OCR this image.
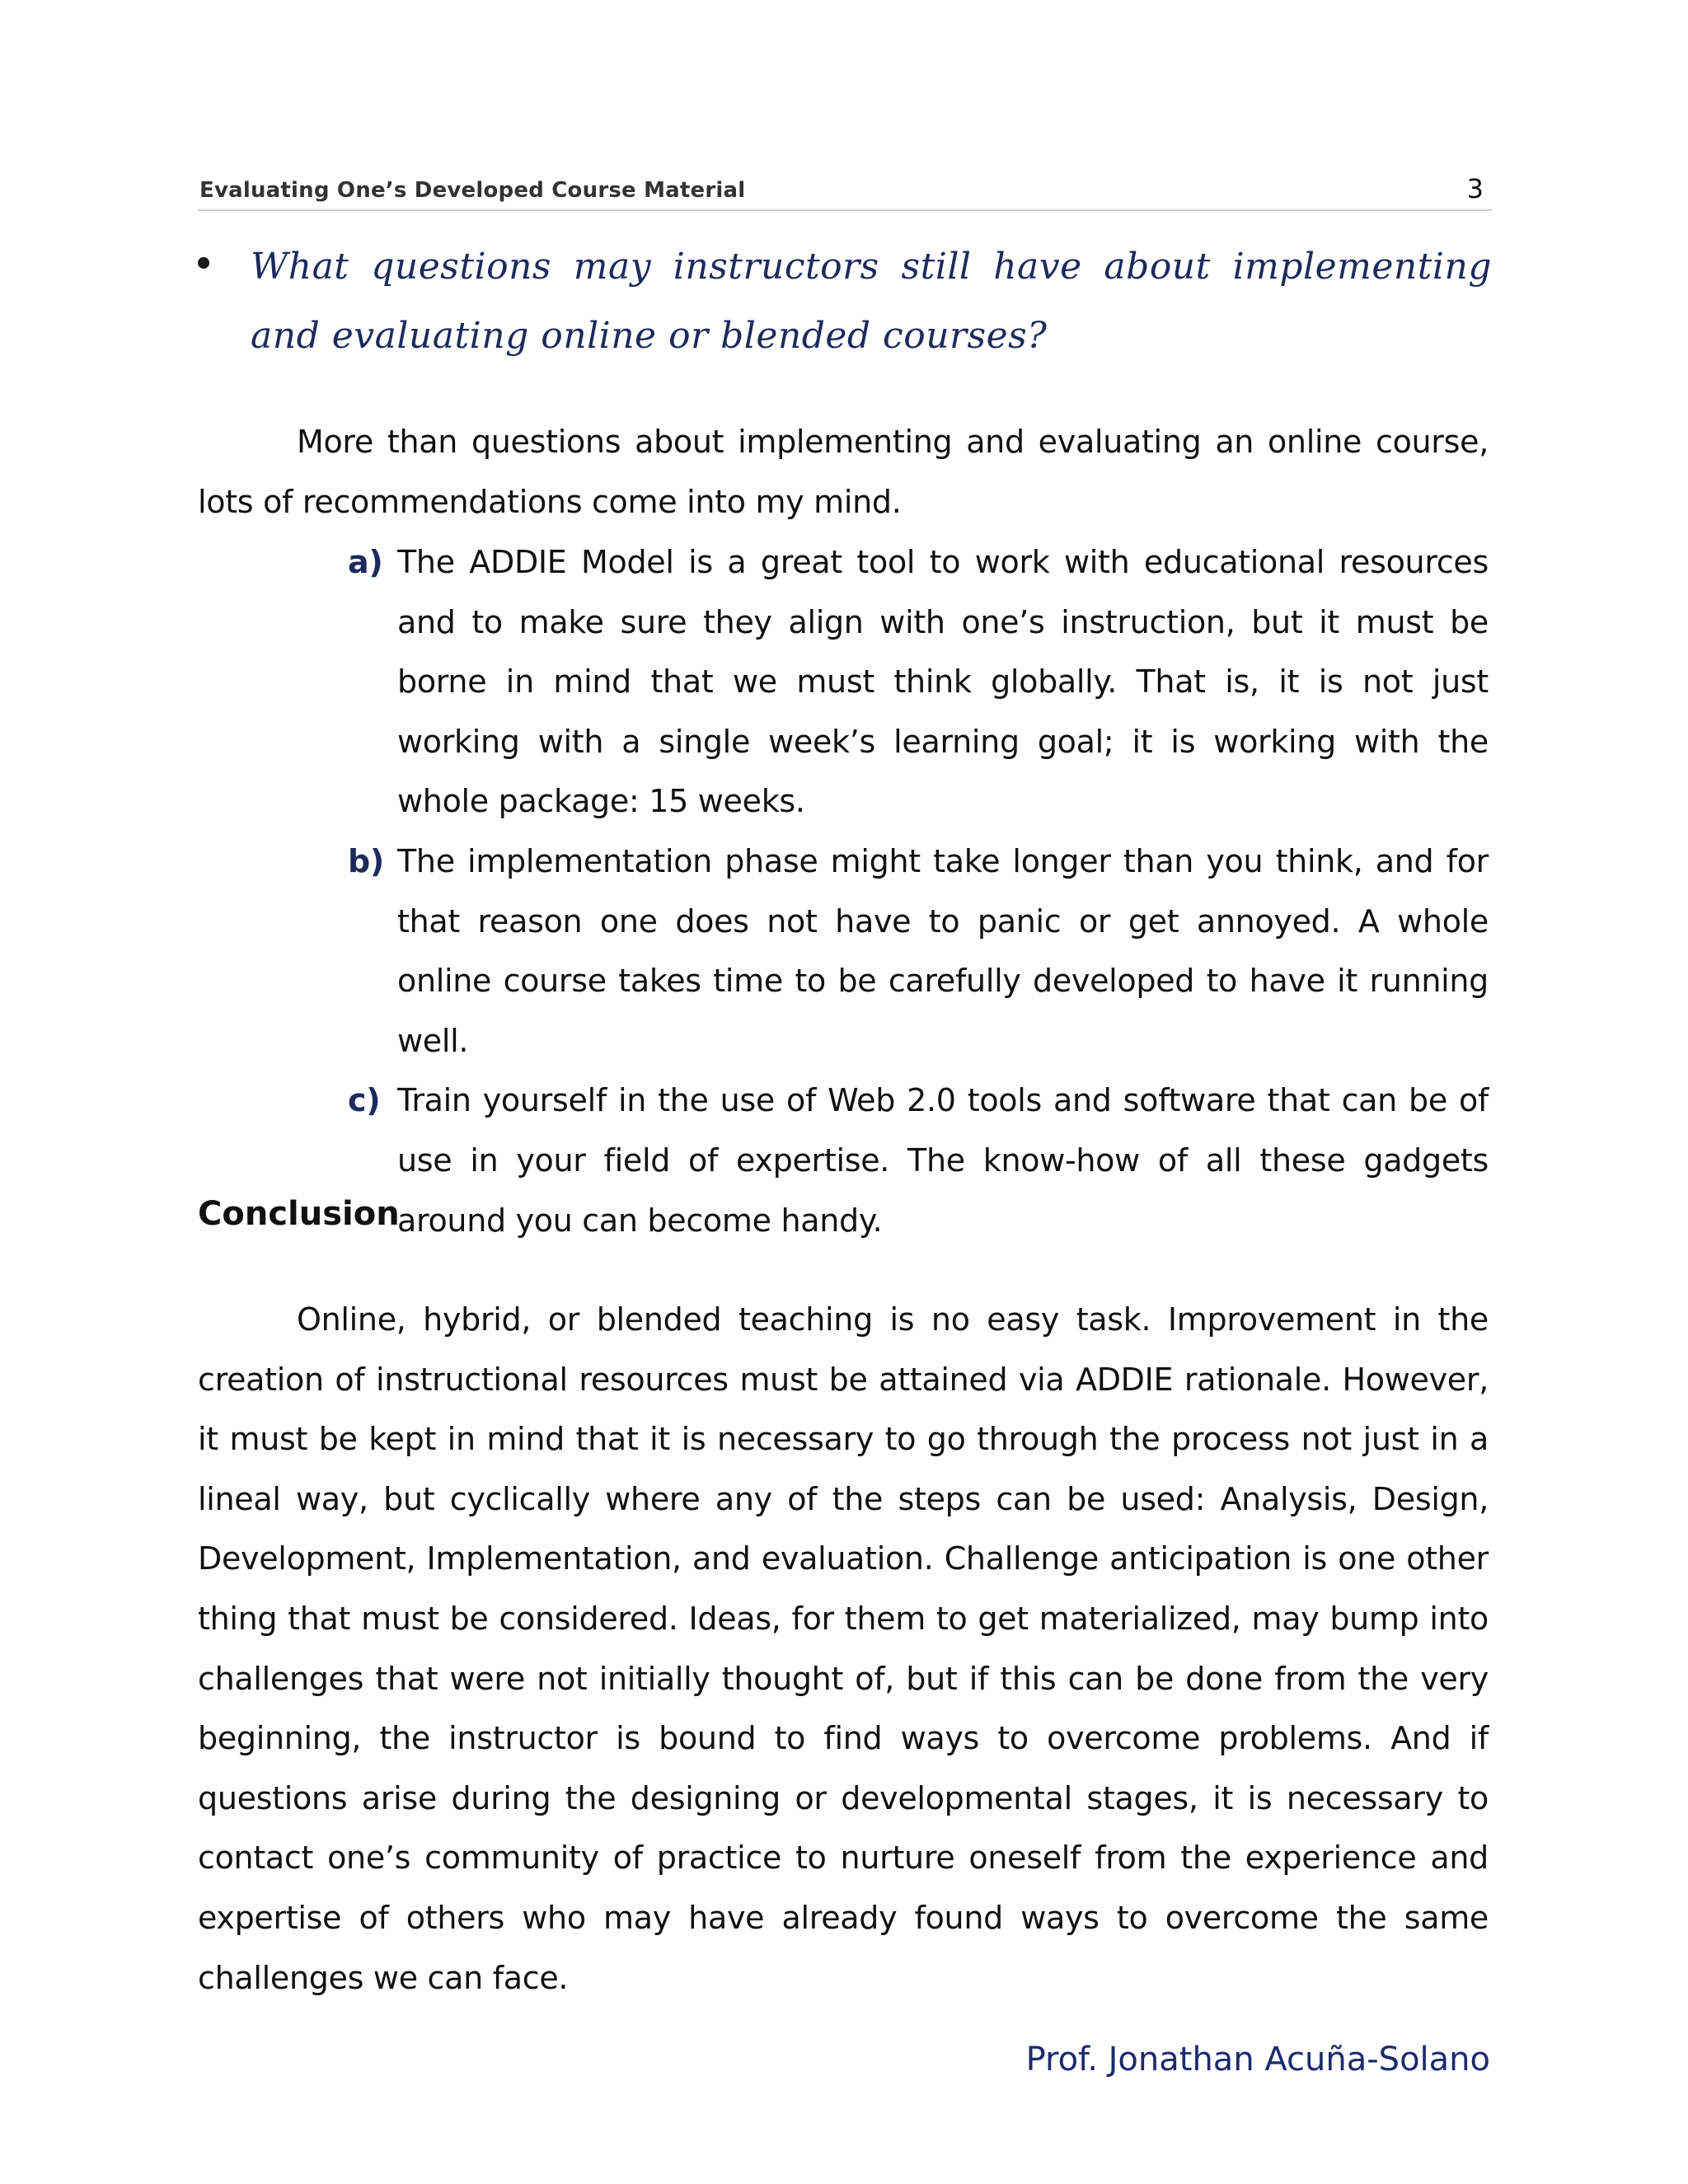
Evaluating One’s Developed Course Material	3
What questions may instructors still have about implementing and evaluating online or blended courses?

More than questions about implementing and evaluating an online course, lots of recommendations come into my mind.

a) The ADDIE Model is a great tool to work with educational resources and to make sure they align with one’s instruction, but it must be borne in mind that we must think globally. That is, it is not just working with a single week’s learning goal; it is working with the whole package: 15 weeks.
b) The implementation phase might take longer than you think, and for that reason one does not have to panic or get annoyed. A whole online course takes time to be carefully developed to have it running well.
c) Train yourself in the use of Web 2.0 tools and software that can be of use in your field of expertise. The know-how of all these gadgets around you can become handy.
Conclusion

Online, hybrid, or blended teaching is no easy task. Improvement in the creation of instructional resources must be attained via ADDIE rationale. However, it must be kept in mind that it is necessary to go through the process not just in a lineal way, but cyclically where any of the steps can be used: Analysis, Design, Development, Implementation, and evaluation. Challenge anticipation is one other thing that must be considered. Ideas, for them to get materialized, may bump into challenges that were not initially thought of, but if this can be done from the very beginning, the instructor is bound to find ways to overcome problems. And if questions arise during the designing or developmental stages, it is necessary to contact one’s community of practice to nurture oneself from the experience and expertise of others who may have already found ways to overcome the same challenges we can face.

Prof. Jonathan Acuña-Solano
